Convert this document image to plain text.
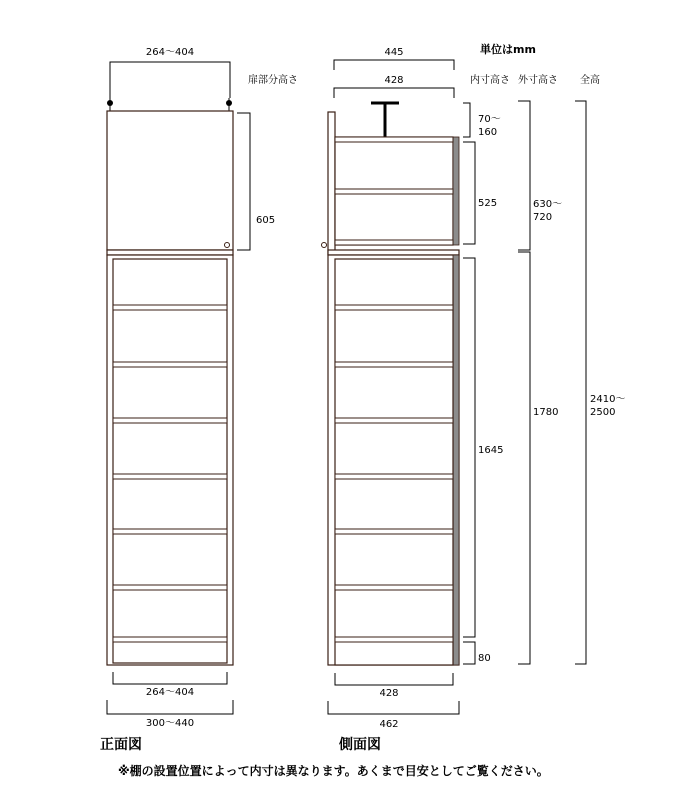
264～404
605
264～404
300～440
正面図
単位はmm
445
428
扉部分高さ	内寸高さ 外寸高さ 全高
70～
160
525
1645
80
630～
720
1780
2410～
2500
428
462
側面図
※棚の設置位置によって内寸は異なります。あくまで目安としてご覧ください。
